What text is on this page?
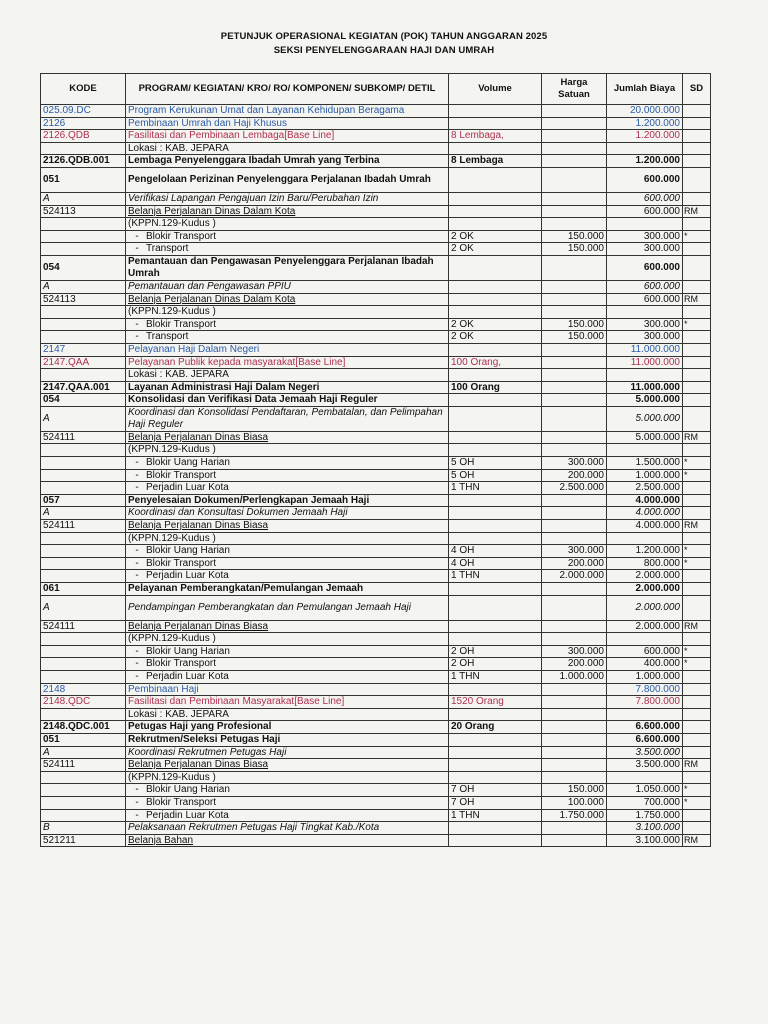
PETUNJUK OPERASIONAL KEGIATAN (POK) TAHUN ANGGARAN 2025
SEKSI PENYELENGGARAAN HAJI DAN UMRAH
KODE	PROGRAM/ KEGIATAN/ KRO/ RO/ KOMPONEN/ SUBKOMP/ DETIL	Volume	Harga Satuan	Jumlah Biaya	SD
025.09.DC	Program Kerukunan Umat dan Layanan Kehidupan Beragama			20.000.000	
2126	Pembinaan Umrah dan Haji Khusus			1.200.000	
2126.QDB	Fasilitasi dan Pembinaan Lembaga[Base Line]	8 Lembaga,		1.200.000	
	Lokasi : KAB. JEPARA				
2126.QDB.001	Lembaga Penyelenggara Ibadah Umrah yang Terbina	8 Lembaga		1.200.000	
051	Pengelolaan Perizinan Penyelenggara Perjalanan Ibadah Umrah			600.000	
A	Verifikasi Lapangan Pengajuan Izin Baru/Perubahan Izin			600.000	
524113	Belanja Perjalanan Dinas Dalam Kota			600.000	RM
	(KPPN.129-Kudus )				
	- Blokir Transport	2 OK	150.000	300.000	*
	- Transport	2 OK	150.000	300.000	
054	Pemantauan dan Pengawasan Penyelenggara Perjalanan Ibadah Umrah			600.000	
A	Pemantauan dan Pengawasan PPIU			600.000	
524113	Belanja Perjalanan Dinas Dalam Kota			600.000	RM
	(KPPN.129-Kudus )				
	- Blokir Transport	2 OK	150.000	300.000	*
	- Transport	2 OK	150.000	300.000	
2147	Pelayanan Haji Dalam Negeri			11.000.000	
2147.QAA	Pelayanan Publik kepada masyarakat[Base Line]	100 Orang,		11.000.000	
	Lokasi : KAB. JEPARA				
2147.QAA.001	Layanan Administrasi Haji Dalam Negeri	100 Orang		11.000.000	
054	Konsolidasi dan Verifikasi Data Jemaah Haji Reguler			5.000.000	
A	Koordinasi dan Konsolidasi Pendaftaran, Pembatalan, dan Pelimpahan Haji Reguler			5.000.000	
524111	Belanja Perjalanan Dinas Biasa			5.000.000	RM
	(KPPN.129-Kudus )				
	- Blokir Uang Harian	5 OH	300.000	1.500.000	*
	- Blokir Transport	5 OH	200.000	1.000.000	*
	- Perjadin Luar Kota	1 THN	2.500.000	2.500.000	
057	Penyelesaian Dokumen/Perlengkapan Jemaah Haji			4.000.000	
A	Koordinasi dan Konsultasi Dokumen Jemaah Haji			4.000.000	
524111	Belanja Perjalanan Dinas Biasa			4.000.000	RM
	(KPPN.129-Kudus )				
	- Blokir Uang Harian	4 OH	300.000	1.200.000	*
	- Blokir Transport	4 OH	200.000	800.000	*
	- Perjadin Luar Kota	1 THN	2.000.000	2.000.000	
061	Pelayanan Pemberangkatan/Pemulangan Jemaah			2.000.000	
A	Pendampingan Pemberangkatan dan Pemulangan Jemaah Haji			2.000.000	
524111	Belanja Perjalanan Dinas Biasa			2.000.000	RM
	(KPPN.129-Kudus )				
	- Blokir Uang Harian	2 OH	300.000	600.000	*
	- Blokir Transport	2 OH	200.000	400.000	*
	- Perjadin Luar Kota	1 THN	1.000.000	1.000.000	
2148	Pembinaan Haji			7.800.000	
2148.QDC	Fasilitasi dan Pembinaan Masyarakat[Base Line]	1520 Orang		7.800.000	
	Lokasi : KAB. JEPARA				
2148.QDC.001	Petugas Haji yang Profesional	20 Orang		6.600.000	
051	Rekrutmen/Seleksi Petugas Haji			6.600.000	
A	Koordinasi Rekrutmen Petugas Haji			3.500.000	
524111	Belanja Perjalanan Dinas Biasa			3.500.000	RM
	(KPPN.129-Kudus )				
	- Blokir Uang Harian	7 OH	150.000	1.050.000	*
	- Blokir Transport	7 OH	100.000	700.000	*
	- Perjadin Luar Kota	1 THN	1.750.000	1.750.000	
B	Pelaksanaan Rekrutmen Petugas Haji Tingkat Kab./Kota			3.100.000	
521211	Belanja Bahan			3.100.000	RM
